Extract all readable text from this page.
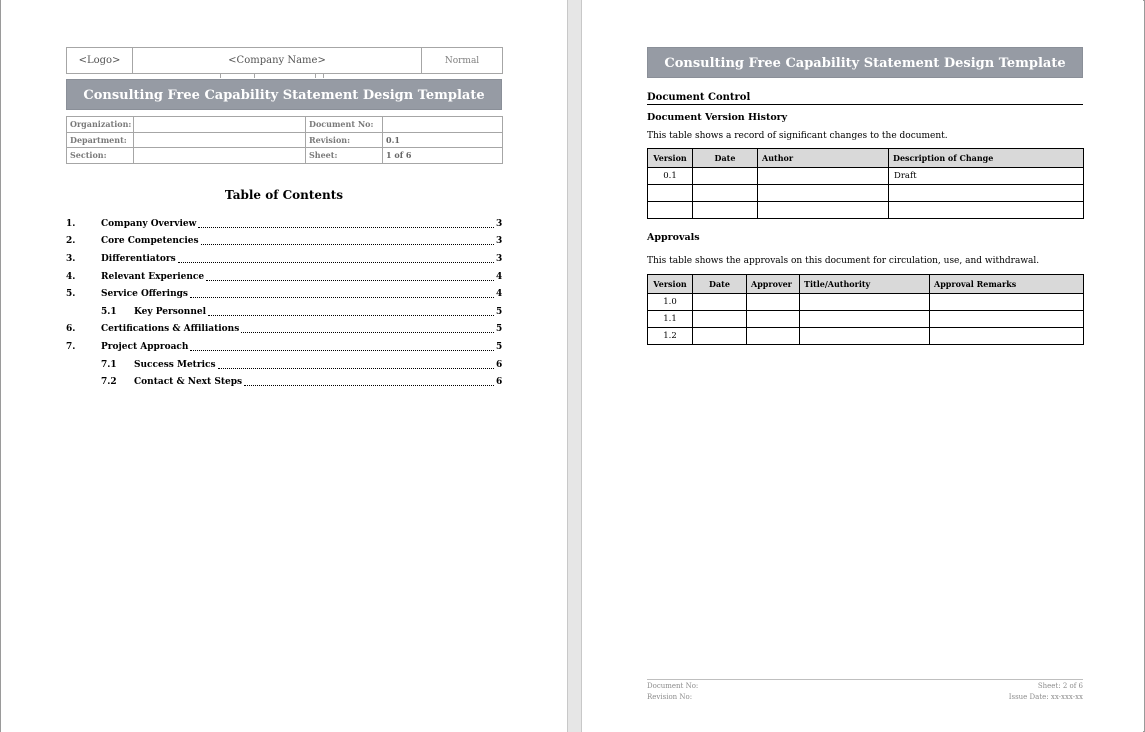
<Logo>	<Company Name>	Normal
Consulting Free Capability Statement Design Template
Organization:		Document No:	
Department:		Revision:	0.1
Section:		Sheet:	1 of 6
Table of Contents
1.	Company Overview	3
2.	Core Competencies	3
3.	Differentiators	3
4.	Relevant Experience	4
5.	Service Offerings	4
5.1	Key Personnel	5
6.	Certifications & Affiliations	5
7.	Project Approach	5
7.1	Success Metrics	6
7.2	Contact & Next Steps	6
Consulting Free Capability Statement Design Template
Document Control
Document Version History
This table shows a record of significant changes to the document.
Version	Date	Author	Description of Change
0.1			Draft

Approvals
This table shows the approvals on this document for circulation, use, and withdrawal.
Version	Date	Approver	Title/Authority	Approval Remarks
1.0				
1.1				
1.2				
Document No:
Revision No:
Sheet: 2 of 6
Issue Date: xx-xxx-xx
